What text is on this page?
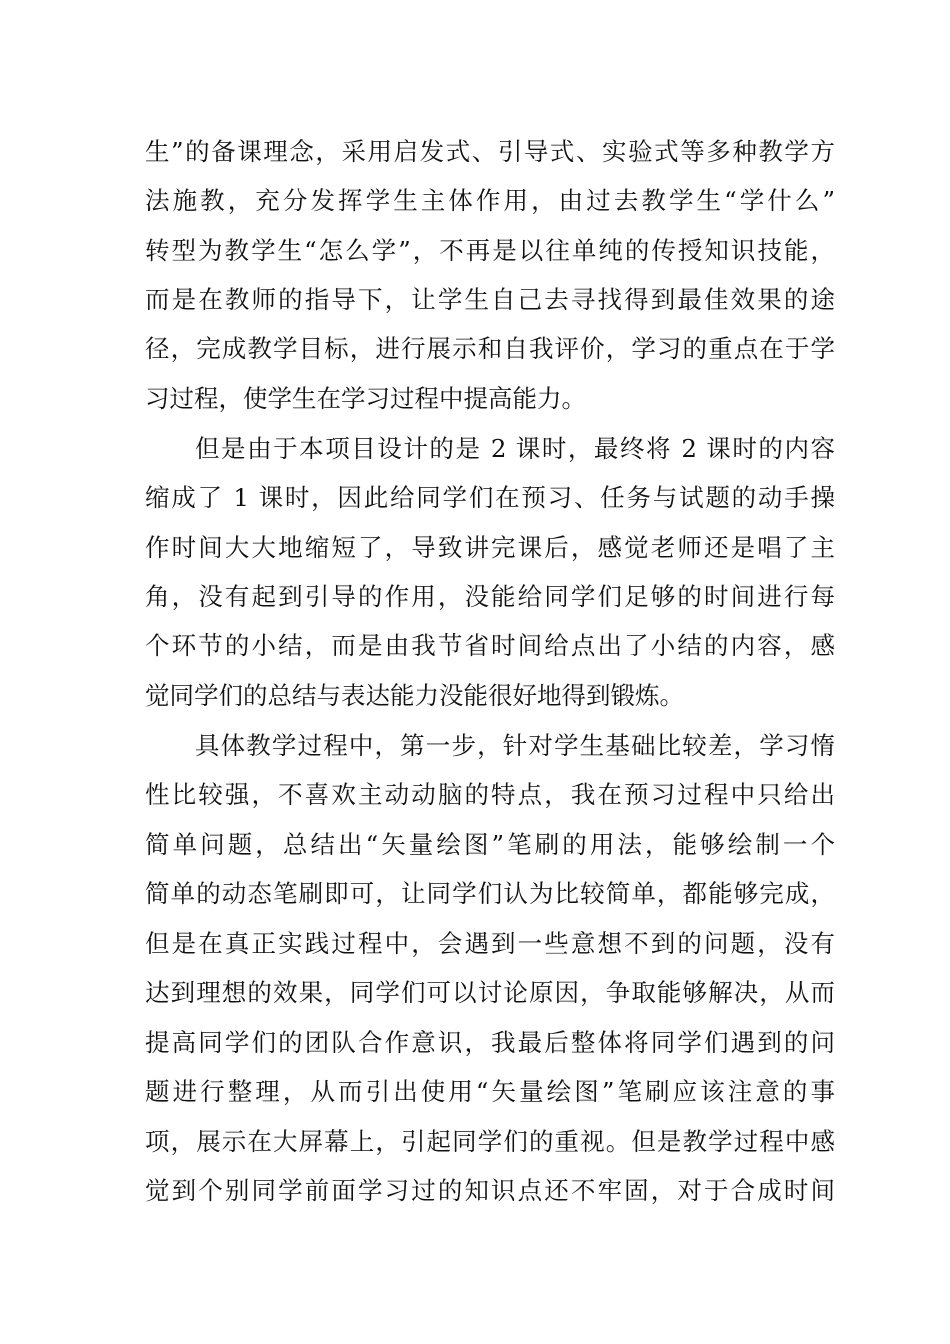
生”的备课理念，采用启发式、引导式、实验式等多种教学方
法施教，充分发挥学生主体作用，由过去教学生“学什么”
转型为教学生“怎么学”，不再是以往单纯的传授知识技能，
而是在教师的指导下，让学生自己去寻找得到最佳效果的途
径，完成教学目标，进行展示和自我评价，学习的重点在于学
习过程，使学生在学习过程中提高能力。
但是由于本项目设计的是 2 课时，最终将 2 课时的内容
缩成了 1 课时，因此给同学们在预习、任务与试题的动手操
作时间大大地缩短了，导致讲完课后，感觉老师还是唱了主
角，没有起到引导的作用，没能给同学们足够的时间进行每
个环节的小结，而是由我节省时间给点出了小结的内容，感
觉同学们的总结与表达能力没能很好地得到锻炼。
具体教学过程中，第一步，针对学生基础比较差，学习惰
性比较强，不喜欢主动动脑的特点，我在预习过程中只给出
简单问题，总结出“矢量绘图”笔刷的用法，能够绘制一个
简单的动态笔刷即可，让同学们认为比较简单，都能够完成，
但是在真正实践过程中，会遇到一些意想不到的问题，没有
达到理想的效果，同学们可以讨论原因，争取能够解决，从而
提高同学们的团队合作意识，我最后整体将同学们遇到的问
题进行整理，从而引出使用“矢量绘图”笔刷应该注意的事
项，展示在大屏幕上，引起同学们的重视。但是教学过程中感
觉到个别同学前面学习过的知识点还不牢固，对于合成时间
